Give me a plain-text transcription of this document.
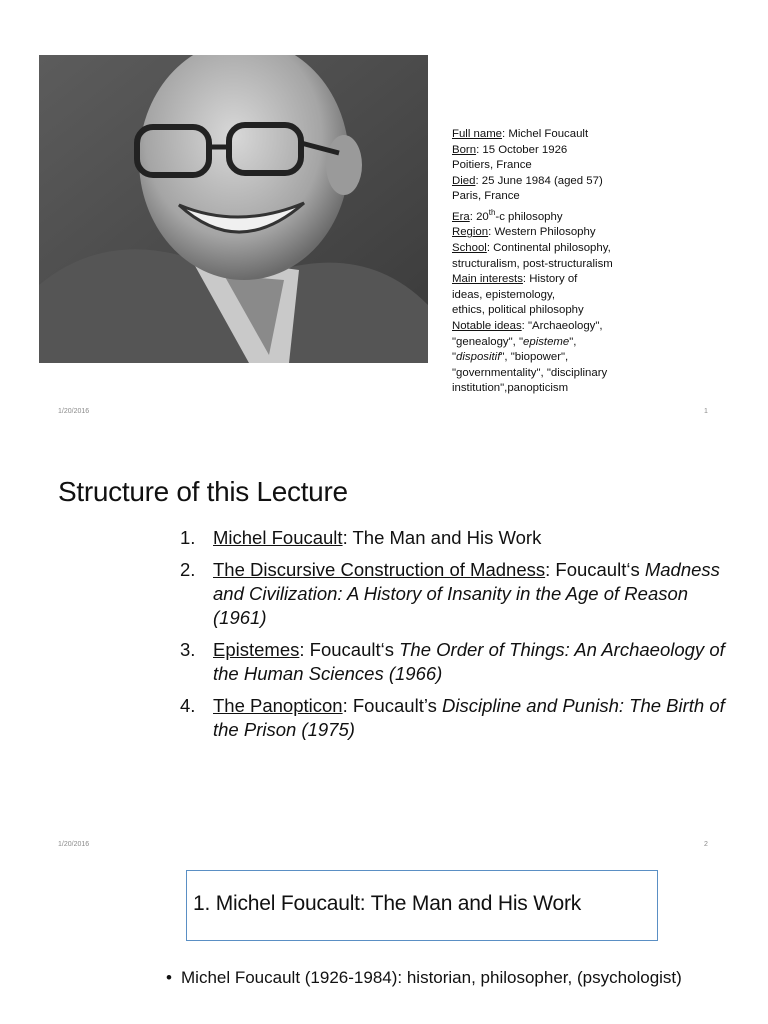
Full name: Michel Foucault
Born: 15 October 1926
Poitiers, France
Died: 25 June 1984 (aged 57)
Paris, France
Era: 20th-c philosophy
Region: Western Philosophy
School: Continental philosophy,
structuralism, post-structuralism
Main interests: History of
ideas, epistemology,
ethics, political philosophy
Notable ideas: "Archaeology",
"genealogy", "episteme",
"dispositif", "biopower",
"governmentality", "disciplinary
institution",panopticism
1/20/2016	1
Structure of this Lecture
1. Michel Foucault: The Man and His Work
2. The Discursive Construction of Madness: Foucault‘s Madness and Civilization: A History of Insanity in the Age of Reason (1961)
3. Epistemes: Foucault‘s The Order of Things: An Archaeology of the Human Sciences (1966)
4. The Panopticon: Foucault’s Discipline and Punish: The Birth of the Prison (1975)
1/20/2016	2
1. Michel Foucault: The Man and His Work
• Michel Foucault (1926-1984): historian, philosopher, (psychologist)
